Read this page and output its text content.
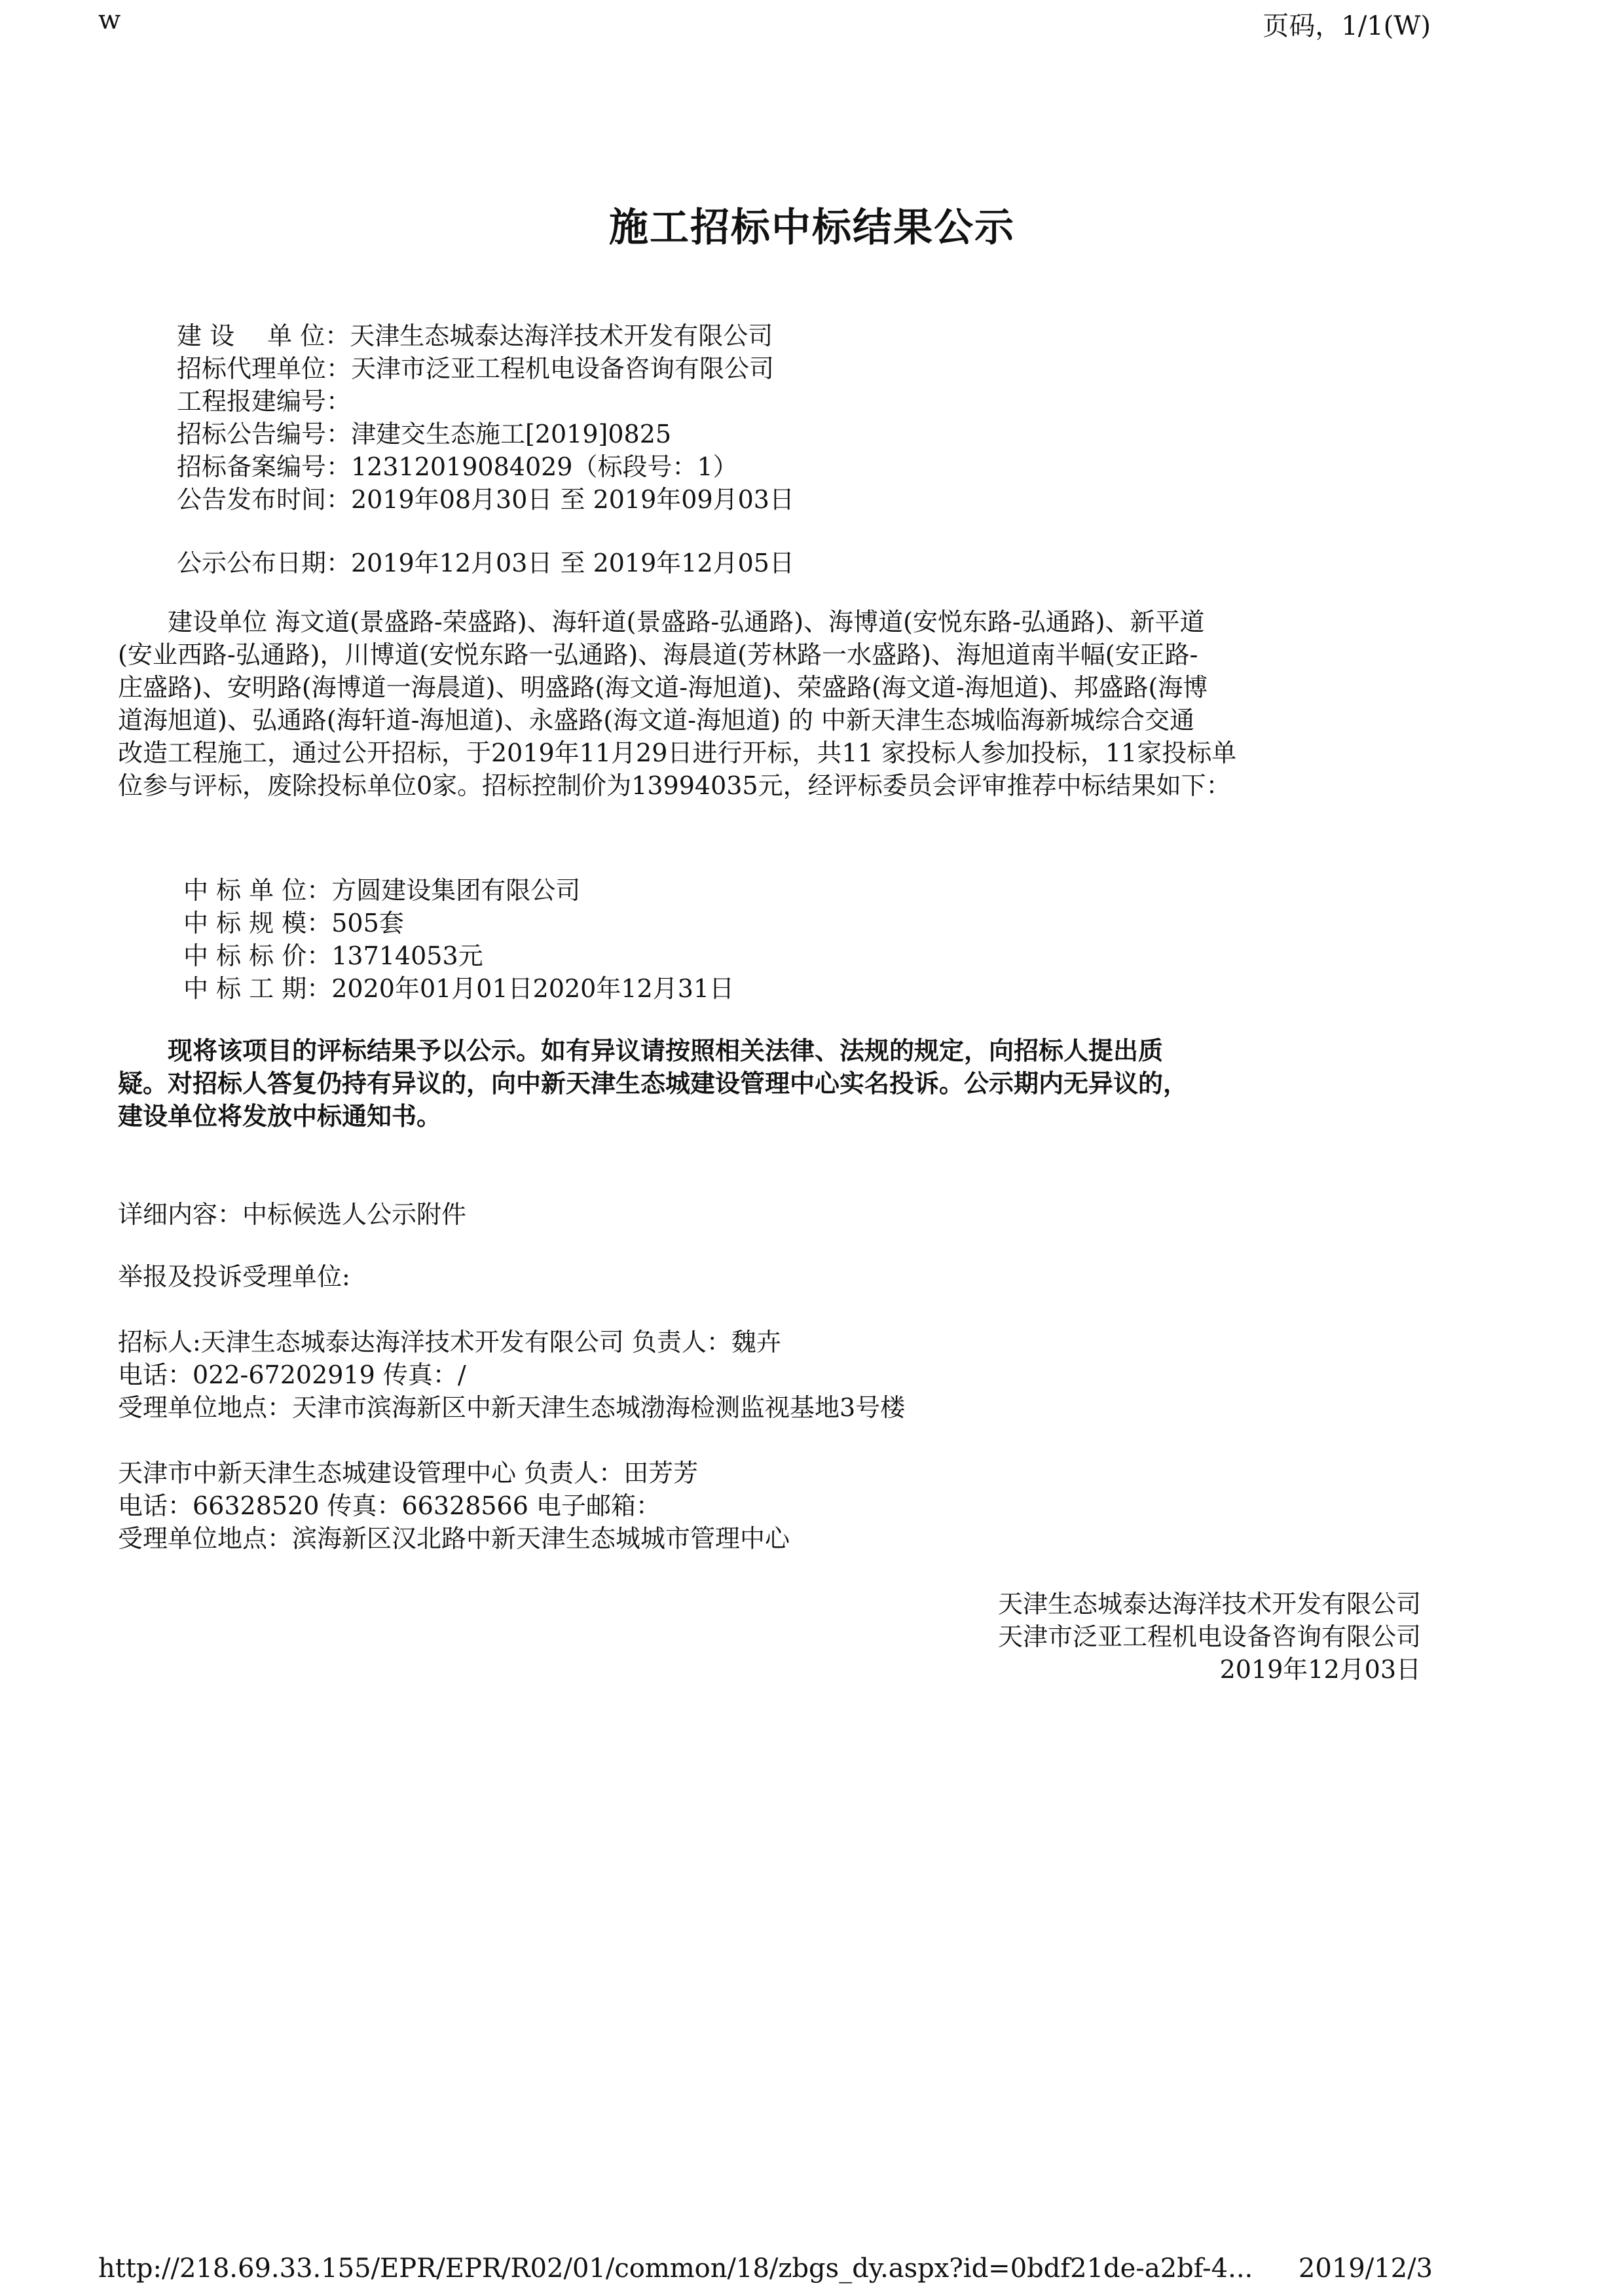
w	页码，1/1(W)
施工招标中标结果公示
建 设　 单 位：天津生态城泰达海洋技术开发有限公司
招标代理单位：天津市泛亚工程机电设备咨询有限公司
工程报建编号：
招标公告编号：津建交生态施工[2019]0825
招标备案编号：12312019084029（标段号：1）
公告发布时间：2019年08月30日 至 2019年09月03日
公示公布日期：2019年12月03日 至 2019年12月05日
　　建设单位 海文道(景盛路-荣盛路)、海轩道(景盛路-弘通路)、海博道(安悦东路-弘通路)、新平道
(安业西路-弘通路)，川博道(安悦东路一弘通路)、海晨道(芳林路一水盛路)、海旭道南半幅(安正路-
庄盛路)、安明路(海博道一海晨道)、明盛路(海文道-海旭道)、荣盛路(海文道-海旭道)、邦盛路(海博
道海旭道)、弘通路(海轩道-海旭道)、永盛路(海文道-海旭道) 的 中新天津生态城临海新城综合交通
改造工程施工，通过公开招标，于2019年11月29日进行开标，共11 家投标人参加投标，11家投标单
位参与评标，废除投标单位0家。招标控制价为13994035元，经评标委员会评审推荐中标结果如下：
中 标 单 位：方圆建设集团有限公司
中 标 规 模：505套
中 标 标 价：13714053元
中 标 工 期：2020年01月01日2020年12月31日
　　现将该项目的评标结果予以公示。如有异议请按照相关法律、法规的规定，向招标人提出质
疑。对招标人答复仍持有异议的，向中新天津生态城建设管理中心实名投诉。公示期内无异议的，
建设单位将发放中标通知书。
详细内容：中标候选人公示附件
举报及投诉受理单位:
招标人:天津生态城泰达海洋技术开发有限公司 负责人：魏卉
电话：022-67202919 传真：/
受理单位地点：天津市滨海新区中新天津生态城渤海检测监视基地3号楼
天津市中新天津生态城建设管理中心 负责人：田芳芳
电话：66328520 传真：66328566 电子邮箱：
受理单位地点：滨海新区汉北路中新天津生态城城市管理中心
天津生态城泰达海洋技术开发有限公司
天津市泛亚工程机电设备咨询有限公司
2019年12月03日
http://218.69.33.155/EPR/EPR/R02/01/common/18/zbgs_dy.aspx?id=0bdf21de-a2bf-4... 2019/12/3
